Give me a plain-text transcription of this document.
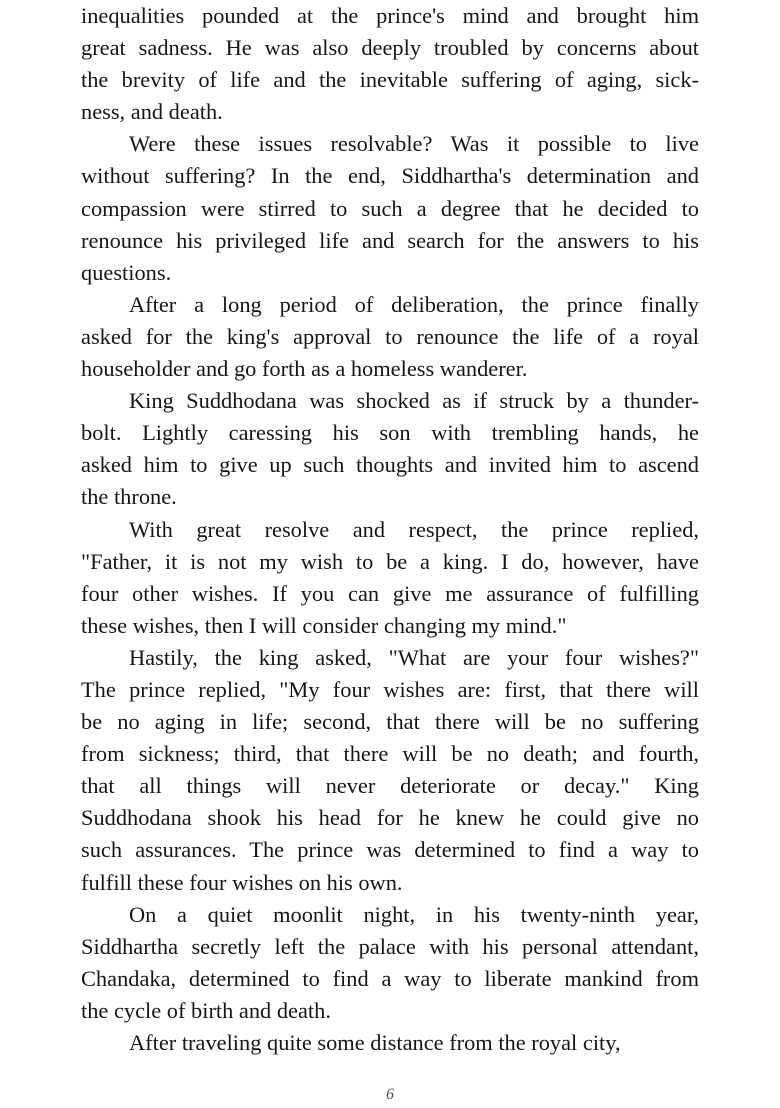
inequalities pounded at the prince's mind and brought him
great sadness. He was also deeply troubled by concerns about
the brevity of life and the inevitable suffering of aging, sick-
ness, and death.
Were these issues resolvable? Was it possible to live
without suffering? In the end, Siddhartha's determination and
compassion were stirred to such a degree that he decided to
renounce his privileged life and search for the answers to his
questions.
After a long period of deliberation, the prince finally
asked for the king's approval to renounce the life of a royal
householder and go forth as a homeless wanderer.
King Suddhodana was shocked as if struck by a thunder-
bolt. Lightly caressing his son with trembling hands, he
asked him to give up such thoughts and invited him to ascend
the throne.
With great resolve and respect, the prince replied,
"Father, it is not my wish to be a king. I do, however, have
four other wishes. If you can give me assurance of fulfilling
these wishes, then I will consider changing my mind."
Hastily, the king asked, "What are your four wishes?"
The prince replied, "My four wishes are: first, that there will
be no aging in life; second, that there will be no suffering
from sickness; third, that there will be no death; and fourth,
that all things will never deteriorate or decay." King
Suddhodana shook his head for he knew he could give no
such assurances. The prince was determined to find a way to
fulfill these four wishes on his own.
On a quiet moonlit night, in his twenty-ninth year,
Siddhartha secretly left the palace with his personal attendant,
Chandaka, determined to find a way to liberate mankind from
the cycle of birth and death.
After traveling quite some distance from the royal city,
6
